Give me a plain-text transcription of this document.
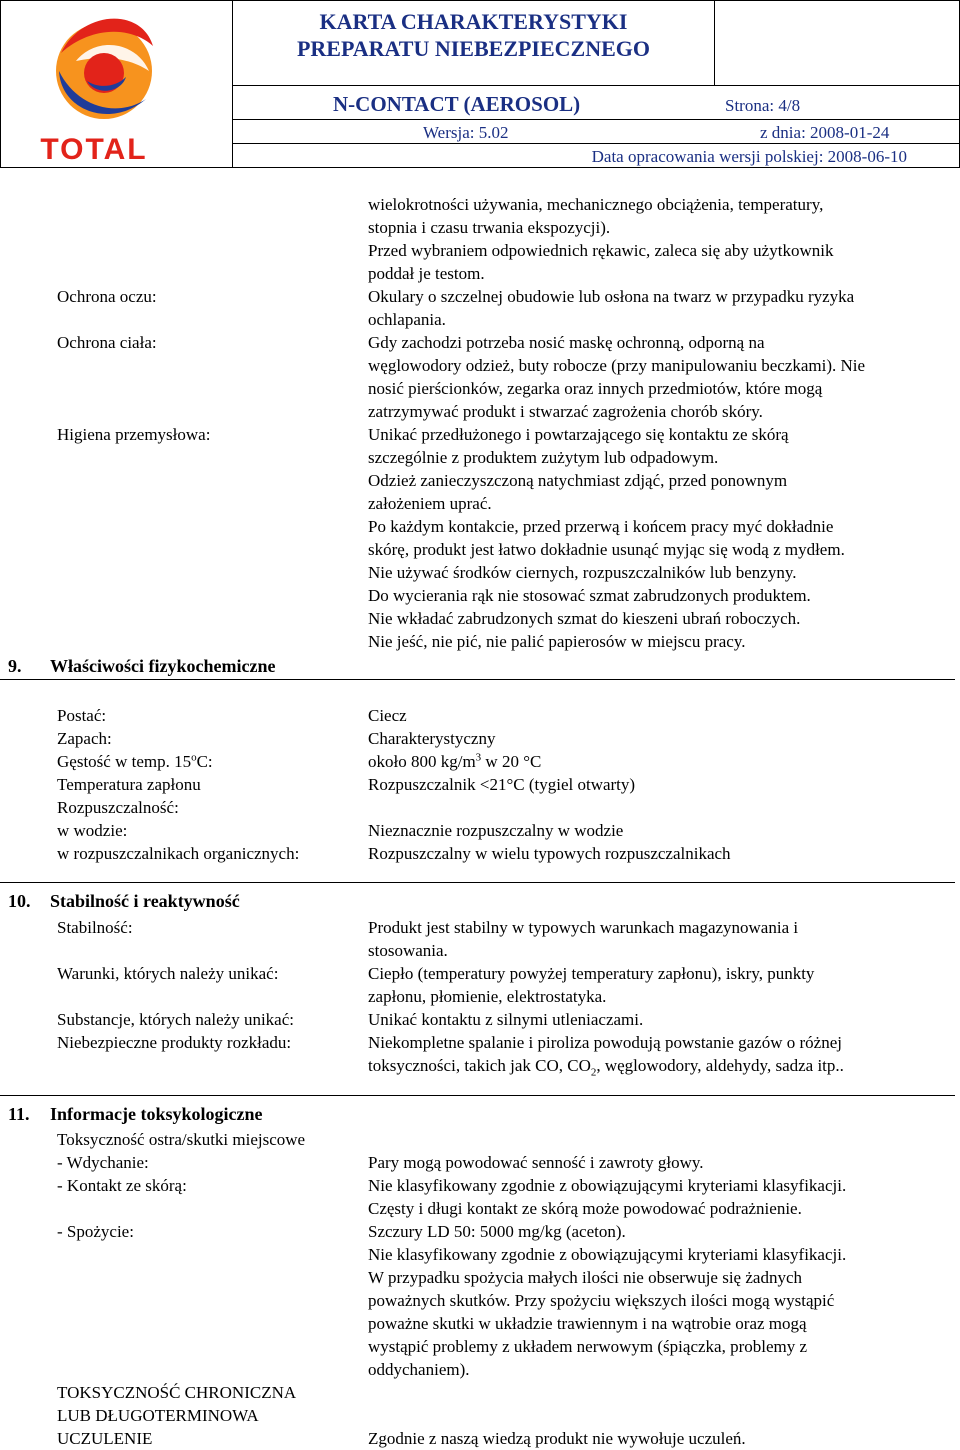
TOTAL
KARTA CHARAKTERYSTYKI
PREPARATU NIEBEZPIECZNEGO
N-CONTACT (AEROSOL)	Strona: 4/8
Wersja: 5.02	z dnia: 2008-01-24
Data opracowania wersji polskiej: 2008-06-10
wielokrotności używania, mechanicznego obciążenia, temperatury,
stopnia i czasu trwania ekspozycji).
Przed wybraniem odpowiednich rękawic, zaleca się aby użytkownik
poddał je testom.
Ochrona oczu:	Okulary o szczelnej obudowie lub osłona na twarz w przypadku ryzyka
ochlapania.
Ochrona ciała:	Gdy zachodzi potrzeba nosić maskę ochronną, odporną na
węglowodory odzież, buty robocze (przy manipulowaniu beczkami). Nie
nosić pierścionków, zegarka oraz innych przedmiotów, które mogą
zatrzymywać produkt i stwarzać zagrożenia chorób skóry.
Higiena przemysłowa:	Unikać przedłużonego i powtarzającego się kontaktu ze skórą
szczególnie z produktem zużytym lub odpadowym.
Odzież zanieczyszczoną natychmiast zdjąć, przed ponownym
założeniem uprać.
Po każdym kontakcie, przed przerwą i końcem pracy myć dokładnie
skórę, produkt jest łatwo dokładnie usunąć myjąc się wodą z mydłem.
Nie używać środków ciernych, rozpuszczalników lub benzyny.
Do wycierania rąk nie stosować szmat zabrudzonych produktem.
Nie wkładać zabrudzonych szmat do kieszeni ubrań roboczych.
Nie jeść, nie pić, nie palić papierosów w miejscu pracy.
9. Właściwości fizykochemiczne
Postać:	Ciecz
Zapach:	Charakterystyczny
Gęstość w temp. 15$^o$C:	około 800 $kg/m^3$ w 20 °C
Temperatura zapłonu	Rozpuszczalnik <21°C (tygiel otwarty)
Rozpuszczalność:
w wodzie:	Nieznacznie rozpuszczalny w wodzie
w rozpuszczalnikach organicznych:	Rozpuszczalny w wielu typowych rozpuszczalnikach
10. Stabilność i reaktywność
Stabilność:	Produkt jest stabilny w typowych warunkach magazynowania i
stosowania.
Warunki, których należy unikać:	Ciepło (temperatury powyżej temperatury zapłonu), iskry, punkty
zapłonu, płomienie, elektrostatyka.
Substancje, których należy unikać:	Unikać kontaktu z silnymi utleniaczami.
Niebezpieczne produkty rozkładu:	Niekompletne spalanie i piroliza powodują powstanie gazów o różnej
toksyczności, takich jak CO, $CO_2$, węglowodory, aldehydy, sadza itp..
11. Informacje toksykologiczne
Toksyczność ostra/skutki miejscowe
- Wdychanie:	Pary mogą powodować senność i zawroty głowy.
- Kontakt ze skórą:	Nie klasyfikowany zgodnie z obowiązującymi kryteriami klasyfikacji.
Częsty i długi kontakt ze skórą może powodować podrażnienie.
- Spożycie:	Szczury LD 50: 5000 mg/kg (aceton).
Nie klasyfikowany zgodnie z obowiązującymi kryteriami klasyfikacji.
W przypadku spożycia małych ilości nie obserwuje się żadnych
poważnych skutków. Przy spożyciu większych ilości mogą wystąpić
poważne skutki w układzie trawiennym i na wątrobie oraz mogą
wystąpić problemy z układem nerwowym (śpiączka, problemy z
oddychaniem).
TOKSYCZNOŚĆ CHRONICZNA
LUB DŁUGOTERMINOWA
UCZULENIE	Zgodnie z naszą wiedzą produkt nie wywołuje uczuleń.
